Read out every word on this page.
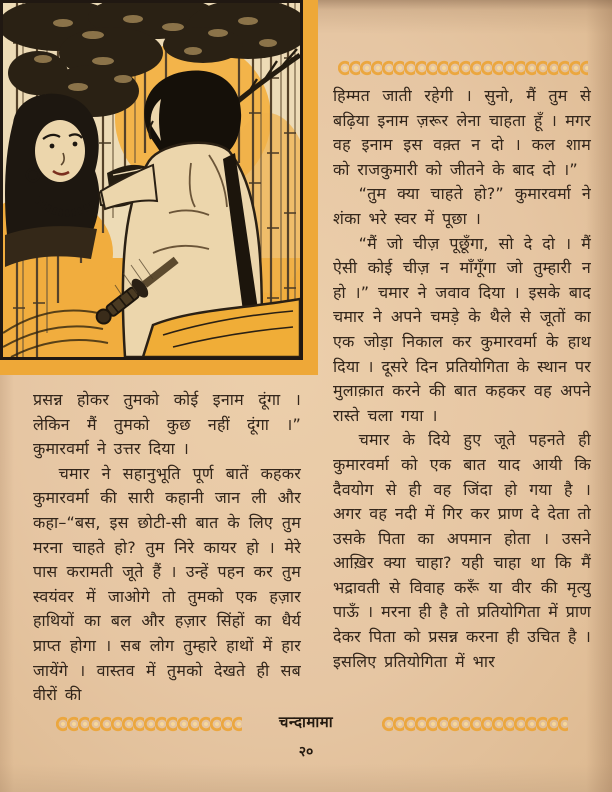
हिम्मत जाती रहेगी । सुनो, मैं तुम से बढ़िया इनाम ज़रूर लेना चाहता हूँ । मगर वह इनाम इस वक़्त न दो । कल शाम को राजकुमारी को जीतने के बाद दो ।”

“तुम क्या चाहते हो?” कुमारवर्मा ने शंका भरे स्वर में पूछा ।

“मैं जो चीज़ पूछूँगा, सो दे दो । मैं ऐसी कोई चीज़ न माँगूँगा जो तुम्हारी न हो ।” चमार ने जवाव दिया । इसके बाद चमार ने अपने चमड़े के थैले से जूतों का एक जोड़ा निकाल कर कुमारवर्मा के हाथ दिया । दूसरे दिन प्रतियोगिता के स्थान पर मुलाक़ात करने की बात कहकर वह अपने रास्ते चला गया ।

चमार के दिये हुए जूते पहनते ही कुमारवर्मा को एक बात याद आयी कि दैवयोग से ही वह जिंदा हो गया है । अगर वह नदी में गिर कर प्राण दे देता तो उसके पिता का अपमान होता । उसने आख़िर क्या चाहा? यही चाहा था कि मैं भद्रावती से विवाह करूँ या वीर की मृत्यु पाऊँ । मरना ही है तो प्रतियोगिता में प्राण देकर पिता को प्रसन्न करना ही उचित है । इसलिए प्रतियोगिता में भार

प्रसन्न होकर तुमको कोई इनाम दूंगा । लेकिन मैं तुमको कुछ नहीं दूंगा ।” कुमारवर्मा ने उत्तर दिया ।

चमार ने सहानुभूति पूर्ण बातें कहकर कुमारवर्मा की सारी कहानी जान ली और कहा–“बस, इस छोटी-सी बात के लिए तुम मरना चाहते हो? तुम निरे कायर हो । मेरे पास करामती जूते हैं । उन्हें पहन कर तुम स्वयंवर में जाओगे तो तुमको एक हज़ार हाथियों का बल और हज़ार सिंहों का धैर्य प्राप्त होगा । सब लोग तुम्हारे हाथों में हार जायेंगे । वास्तव में तुमको देखते ही सब वीरों की

चन्दामामा
२०
